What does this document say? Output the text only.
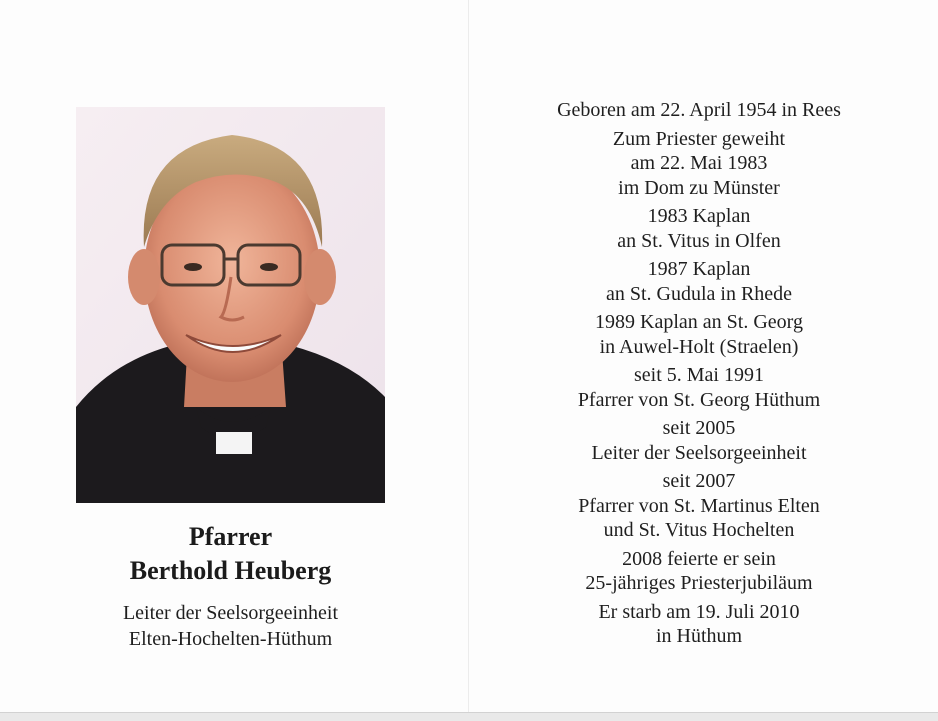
Pfarrer
Berthold Heuberg
Leiter der Seelsorgeeinheit
Elten-Hochelten-Hüthum
Geboren am 22. April 1954 in Rees
Zum Priester geweiht
am 22. Mai 1983
im Dom zu Münster
1983 Kaplan
an St. Vitus in Olfen
1987 Kaplan
an St. Gudula in Rhede
1989 Kaplan an St. Georg
in Auwel-Holt (Straelen)
seit 5. Mai 1991
Pfarrer von St. Georg Hüthum
seit 2005
Leiter der Seelsorgeeinheit
seit 2007
Pfarrer von St. Martinus Elten
und St. Vitus Hochelten
2008 feierte er sein
25-jähriges Priesterjubiläum
Er starb am 19. Juli 2010
in Hüthum
